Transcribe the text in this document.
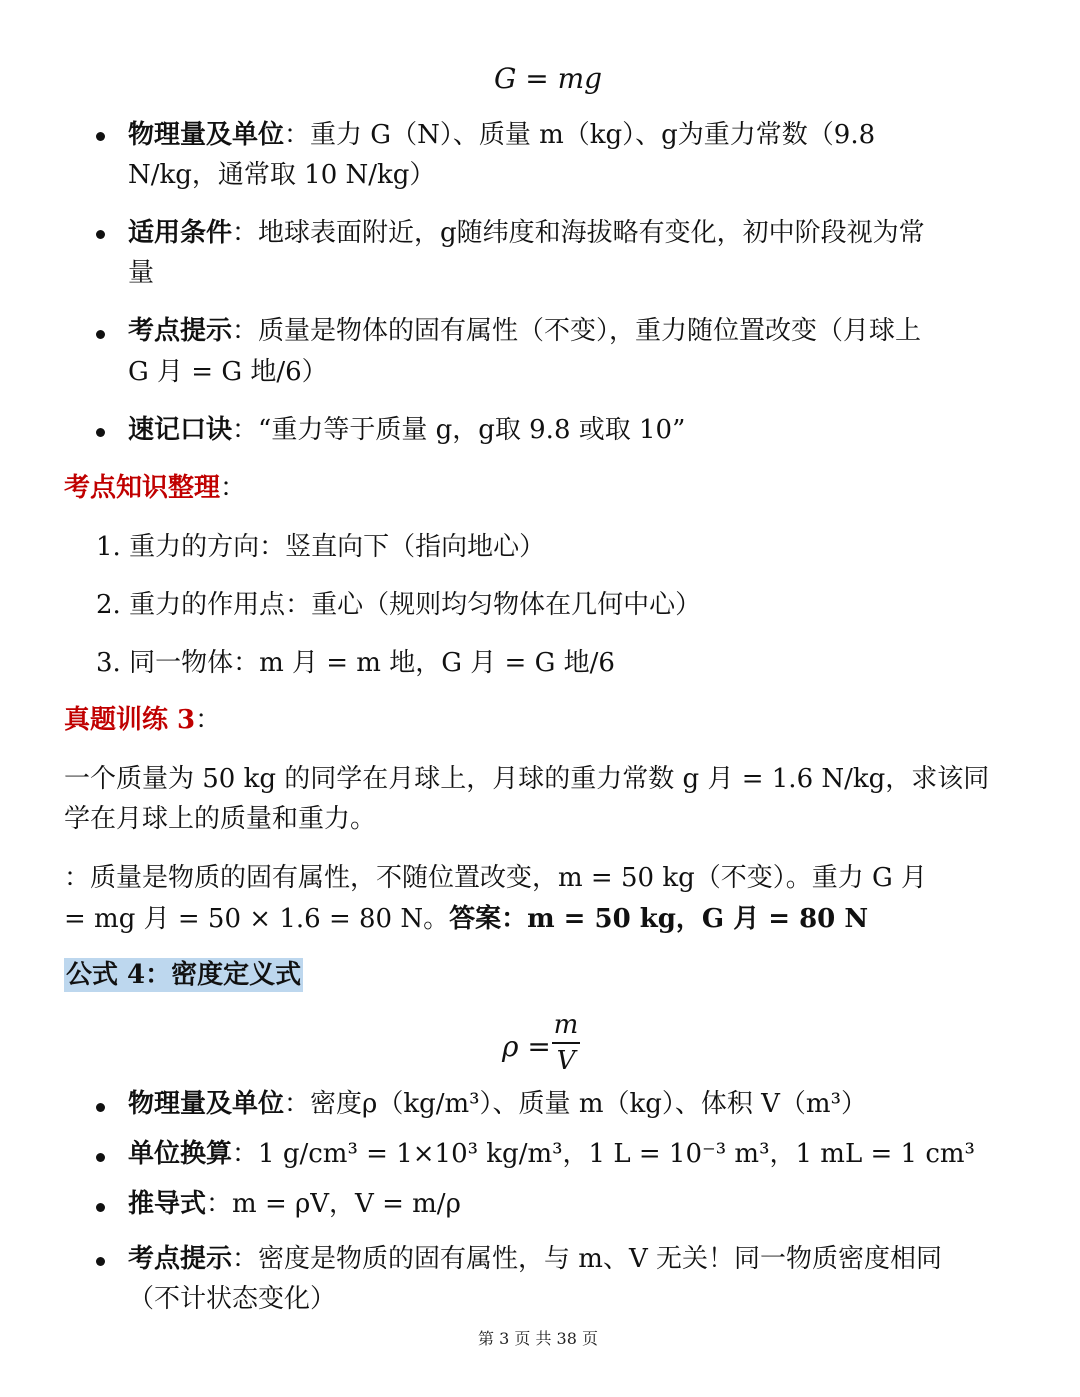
G = mg
物理量及单位：重力 G（N）、质量 m（kg）、g为重力常数（9.8
N/kg，通常取 10 N/kg）
适用条件：地球表面附近，g随纬度和海拔略有变化，初中阶段视为常
量
考点提示：质量是物体的固有属性（不变），重力随位置改变（月球上
G 月 = G 地/6）
速记口诀：“重力等于质量 g，g取 9.8 或取 10”
考点知识整理：
1. 重力的方向：竖直向下（指向地心）
2. 重力的作用点：重心（规则均匀物体在几何中心）
3. 同一物体：m 月 = m 地，G 月 = G 地/6
真题训练 3：
一个质量为 50 kg 的同学在月球上，月球的重力常数 g 月 = 1.6 N/kg，求该同
学在月球上的质量和重力。
：质量是物质的固有属性，不随位置改变，m = 50 kg（不变）。重力 G 月
= mg 月 = 50 × 1.6 = 80 N。答案：m = 50 kg，G 月 = 80 N
公式 4：密度定义式
ρ =
m
V
物理量及单位：密度ρ（kg/m³）、质量 m（kg）、体积 V（m³）
单位换算：1 g/cm³ = 1×10³ kg/m³，1 L = 10⁻³ m³，1 mL = 1 cm³
推导式：m = ρV，V = m/ρ
考点提示：密度是物质的固有属性，与 m、V 无关！同一物质密度相同
（不计状态变化）
第 3 页 共 38 页
